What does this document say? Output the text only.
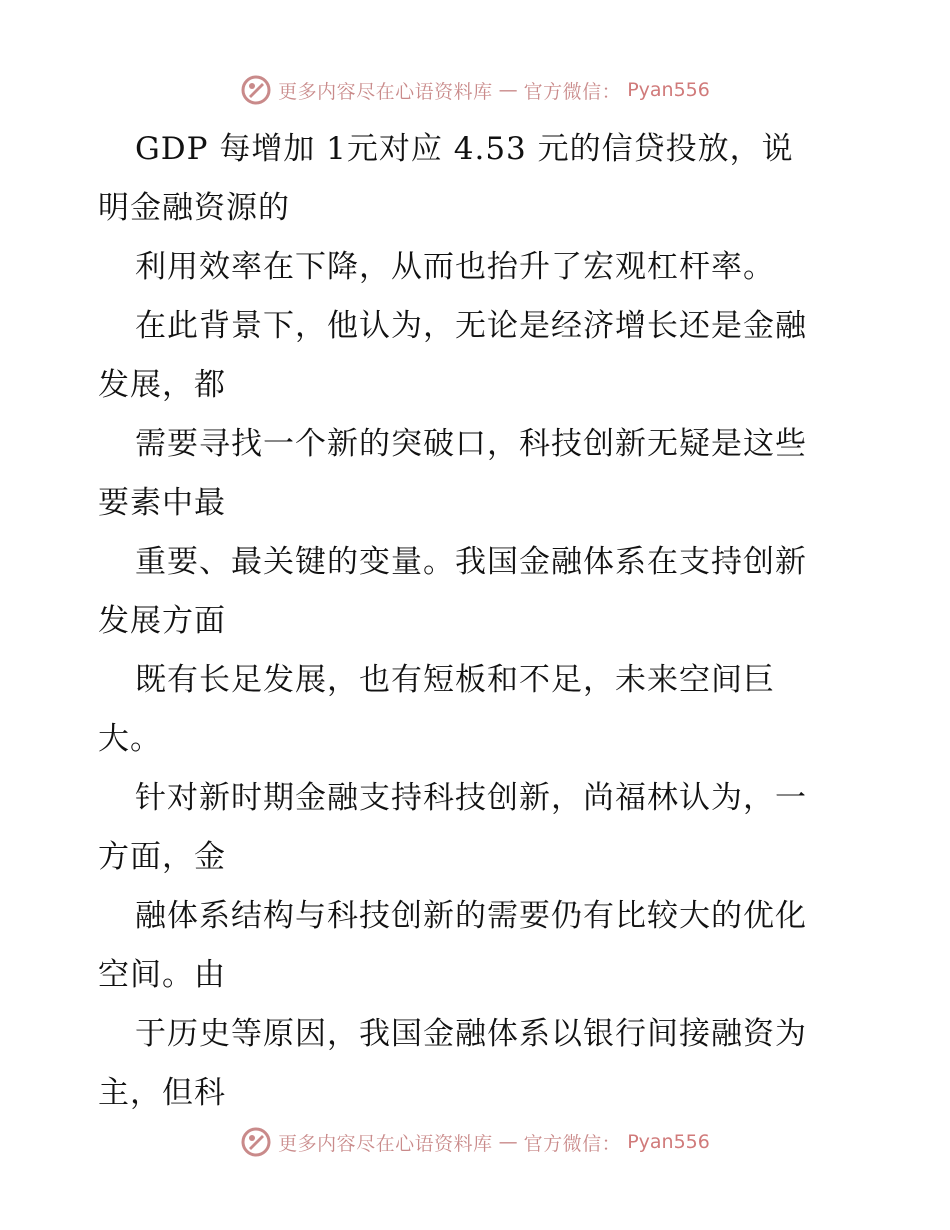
更多内容尽在心语资料库 — 官方微信： Pyan556
GDP 每增加 1元对应 4.53 元的信贷投放，说
明金融资源的
利用效率在下降，从而也抬升了宏观杠杆率。
在此背景下，他认为，无论是经济增长还是金融
发展，都
需要寻找一个新的突破口，科技创新无疑是这些
要素中最
重要、最关键的变量。我国金融体系在支持创新
发展方面
既有长足发展，也有短板和不足，未来空间巨
大。
针对新时期金融支持科技创新，尚福林认为，一
方面，金
融体系结构与科技创新的需要仍有比较大的优化
空间。由
于历史等原因，我国金融体系以银行间接融资为
主，但科
更多内容尽在心语资料库 — 官方微信： Pyan556
